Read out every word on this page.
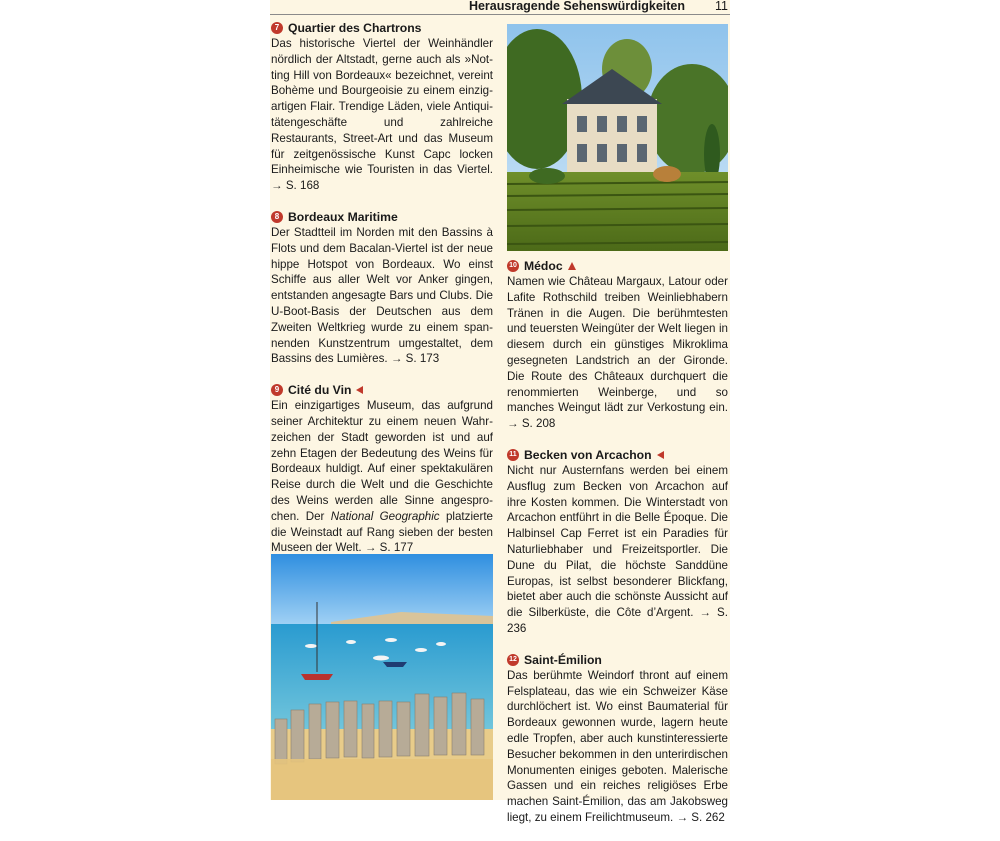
Herausragende Sehenswürdigkeiten 11
7 Quartier des Chartrons

Das historische Viertel der Weinhändler nördlich der Altstadt, gerne auch als »Notting Hill von Bordeaux« bezeichnet, vereint Bohème und Bourgeoisie zu einem einzigartigen Flair. Trendige Läden, viele Antiquitätengeschäfte und zahlreiche Restaurants, Street-Art und das Museum für zeitgenössische Kunst Capc locken Einheimische wie Touristen in das Viertel. → S. 168

8 Bordeaux Maritime

Der Stadtteil im Norden mit den Bassins à Flots und dem Bacalan-Viertel ist der neue hippe Hotspot von Bordeaux. Wo einst Schiffe aus aller Welt vor Anker gingen, entstanden angesagte Bars und Clubs. Die U-Boot-Basis der Deutschen aus dem Zweiten Weltkrieg wurde zu einem spannenden Kunstzentrum umgestaltet, dem Bassins des Lumières. → S. 173

9 Cité du Vin

Ein einzigartiges Museum, das aufgrund seiner Architektur zu einem neuen Wahrzeichen der Stadt geworden ist und auf zehn Etagen der Bedeutung des Weins für Bordeaux huldigt. Auf einer spektakulären Reise durch die Welt und die Geschichte des Weins werden alle Sinne angesprochen. Der National Geographic platzierte die Weinstadt auf Rang sieben der besten Museen der Welt. → S. 177

10 Médoc

Namen wie Château Margaux, Latour oder Lafite Rothschild treiben Weinliebhabern Tränen in die Augen. Die berühmtesten und teuersten Weingüter der Welt liegen in diesem durch ein günstiges Mikroklima gesegneten Landstrich an der Gironde. Die Route des Châteaux durchquert die renommierten Weinberge, und so manches Weingut lädt zur Verkostung ein. → S. 208

11 Becken von Arcachon

Nicht nur Austernfans werden bei einem Ausflug zum Becken von Arcachon auf ihre Kosten kommen. Die Winterstadt von Arcachon entführt in die Belle Époque. Die Halbinsel Cap Ferret ist ein Paradies für Naturliebhaber und Freizeitsportler. Die Dune du Pilat, die höchste Sanddüne Europas, ist selbst besonderer Blickfang, bietet aber auch die schönste Aussicht auf die Silberküste, die Côte d’Argent. → S. 236

12 Saint-Émilion

Das berühmte Weindorf thront auf einem Felsplateau, das wie ein Schweizer Käse durchlöchert ist. Wo einst Baumaterial für Bordeaux gewonnen wurde, lagern heute edle Tropfen, aber auch kunstinteressierte Besucher bekommen in den unterirdischen Monumenten einiges geboten. Malerische Gassen und ein reiches religiöses Erbe machen Saint-Émilion, das am Jakobsweg liegt, zu einem Freilichtmuseum. → S. 262
